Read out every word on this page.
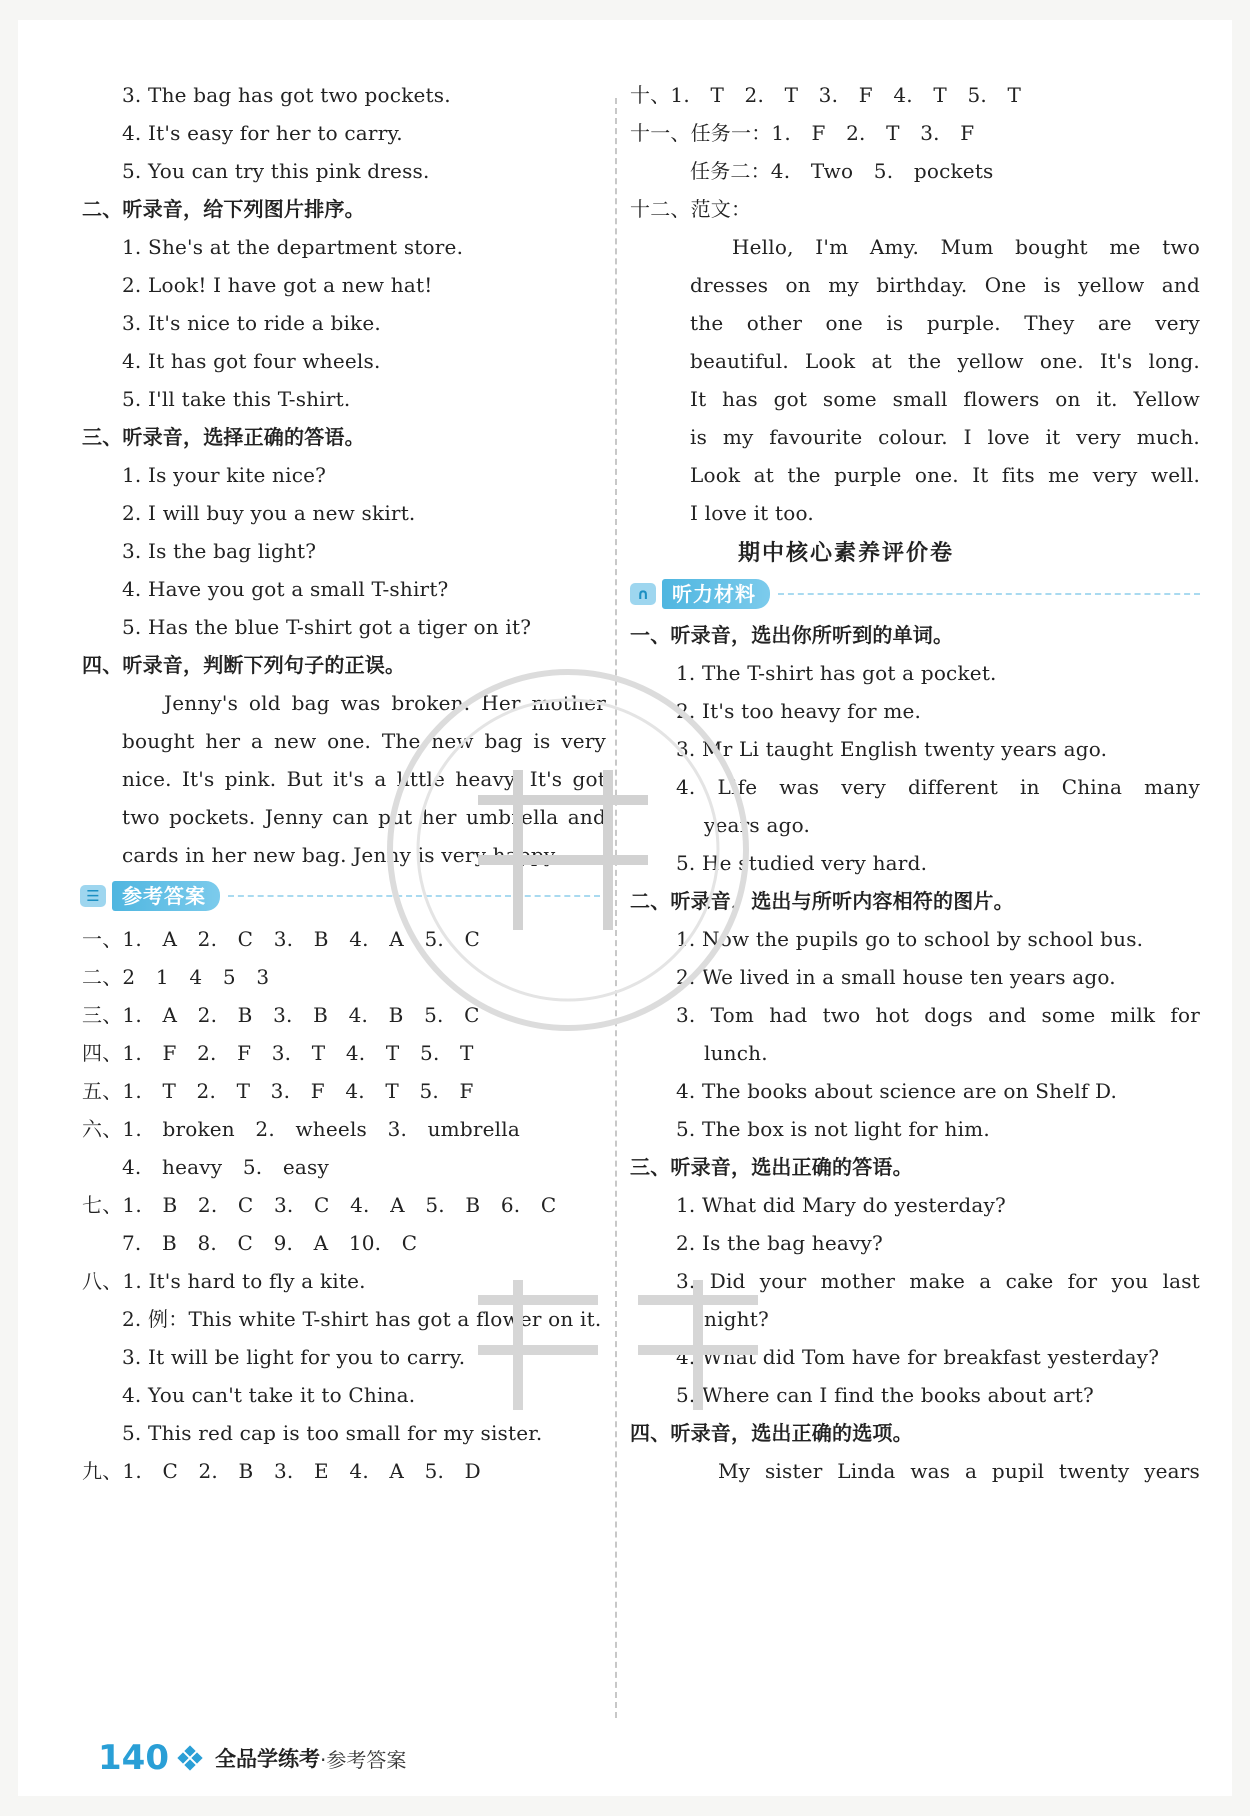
3. The bag has got two pockets.
4. It's easy for her to carry.
5. You can try this pink dress.
二、听录音，给下列图片排序。
1. She's at the department store.
2. Look! I have got a new hat!
3. It's nice to ride a bike.
4. It has got four wheels.
5. I'll take this T-shirt.
三、听录音，选择正确的答语。
1. Is your kite nice?
2. I will buy you a new skirt.
3. Is the bag light?
4. Have you got a small T-shirt?
5. Has the blue T-shirt got a tiger on it?
四、听录音，判断下列句子的正误。
Jenny's old bag was broken. Her mother
bought her a new one. The new bag is very
nice. It's pink. But it's a little heavy. It's got
two pockets. Jenny can put her umbrella and
cards in her new bag. Jenny is very happy.
☰	参考答案
一、1. A 2. C 3. B 4. A 5. C
二、2 1 4 5 3
三、1. A 2. B 3. B 4. B 5. C
四、1. F 2. F 3. T 4. T 5. T
五、1. T 2. T 3. F 4. T 5. F
六、1. broken 2. wheels 3. umbrella
4. heavy 5. easy
七、1. B 2. C 3. C 4. A 5. B 6. C
7. B 8. C 9. A 10. C
八、1. It's hard to fly a kite.
2. 例：This white T-shirt has got a flower on it.
3. It will be light for you to carry.
4. You can't take it to China.
5. This red cap is too small for my sister.
九、1. C 2. B 3. E 4. A 5. D
十、1. T 2. T 3. F 4. T 5. T
十一、任务一：1. F 2. T 3. F
任务二：4. Two 5. pockets
十二、范文：
Hello, I'm Amy. Mum bought me two
dresses on my birthday. One is yellow and
the other one is purple. They are very
beautiful. Look at the yellow one. It's long.
It has got some small flowers on it. Yellow
is my favourite colour. I love it very much.
Look at the purple one. It fits me very well.
I love it too.
期中核心素养评价卷
∩	听力材料
一、听录音，选出你所听到的单词。
1. The T-shirt has got a pocket.
2. It's too heavy for me.
3. Mr Li taught English twenty years ago.
4. Life was very different in China many
years ago.
5. He studied very hard.
二、听录音，选出与所听内容相符的图片。
1. Now the pupils go to school by school bus.
2. We lived in a small house ten years ago.
3. Tom had two hot dogs and some milk for
lunch.
4. The books about science are on Shelf D.
5. The box is not light for him.
三、听录音，选出正确的答语。
1. What did Mary do yesterday?
2. Is the bag heavy?
3. Did your mother make a cake for you last
night?
4. What did Tom have for breakfast yesterday?
5. Where can I find the books about art?
四、听录音，选出正确的选项。
My sister Linda was a pupil twenty years
140 全品学练考 ·参考答案
